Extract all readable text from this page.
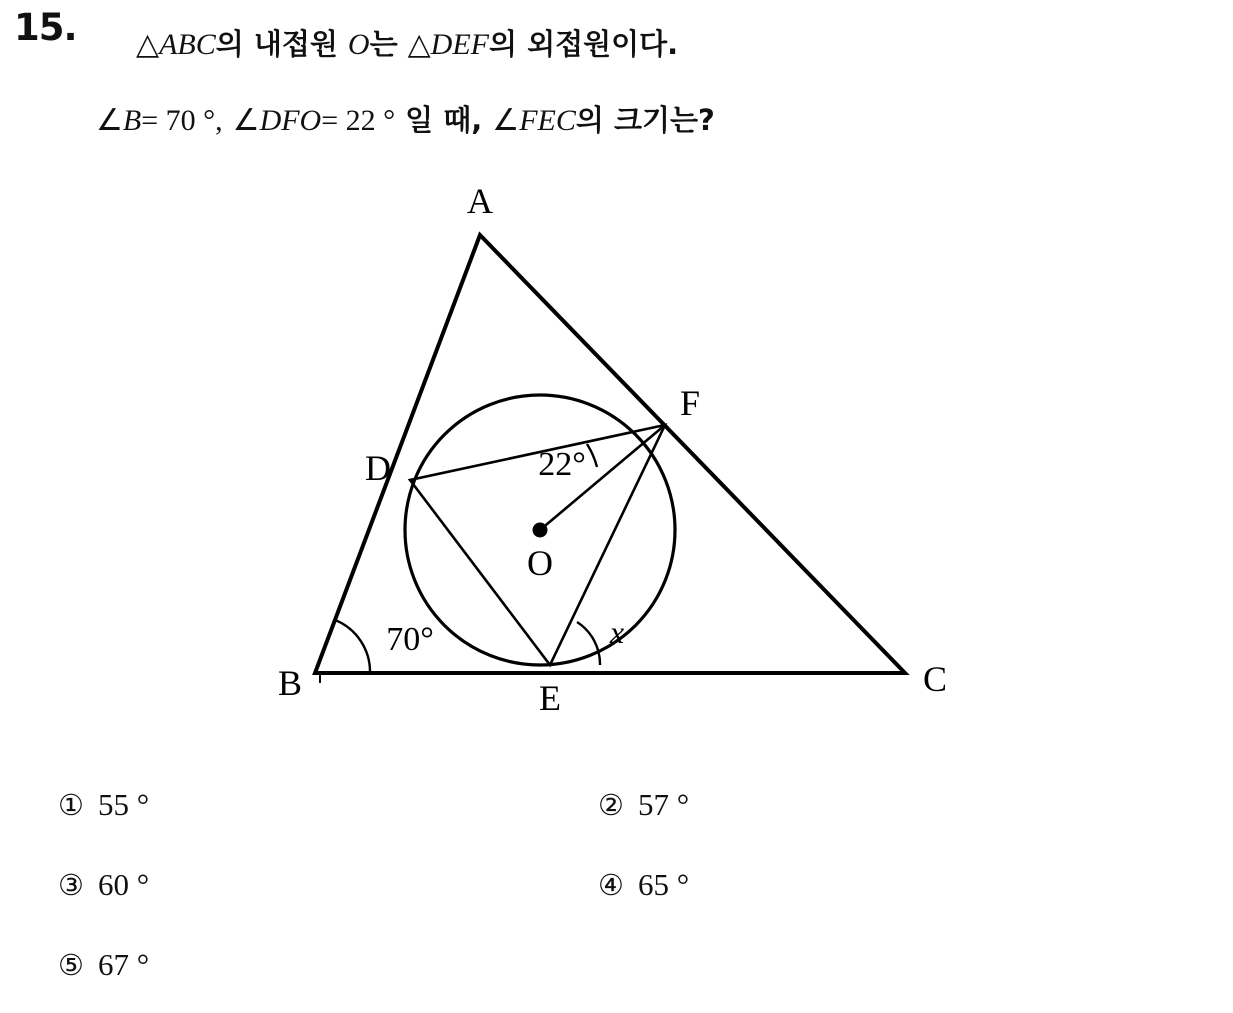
15. △ABC의 내접원 O는 △DEF의 외접원이다.
∠B= 70 °, ∠DFO= 22 ° 일 때, ∠FEC의 크기는?
A
B	C
D
E
F
O
70°
22°
x
① 55 °	② 57 °
③ 60 °	④ 65 °
⑤ 67 °
